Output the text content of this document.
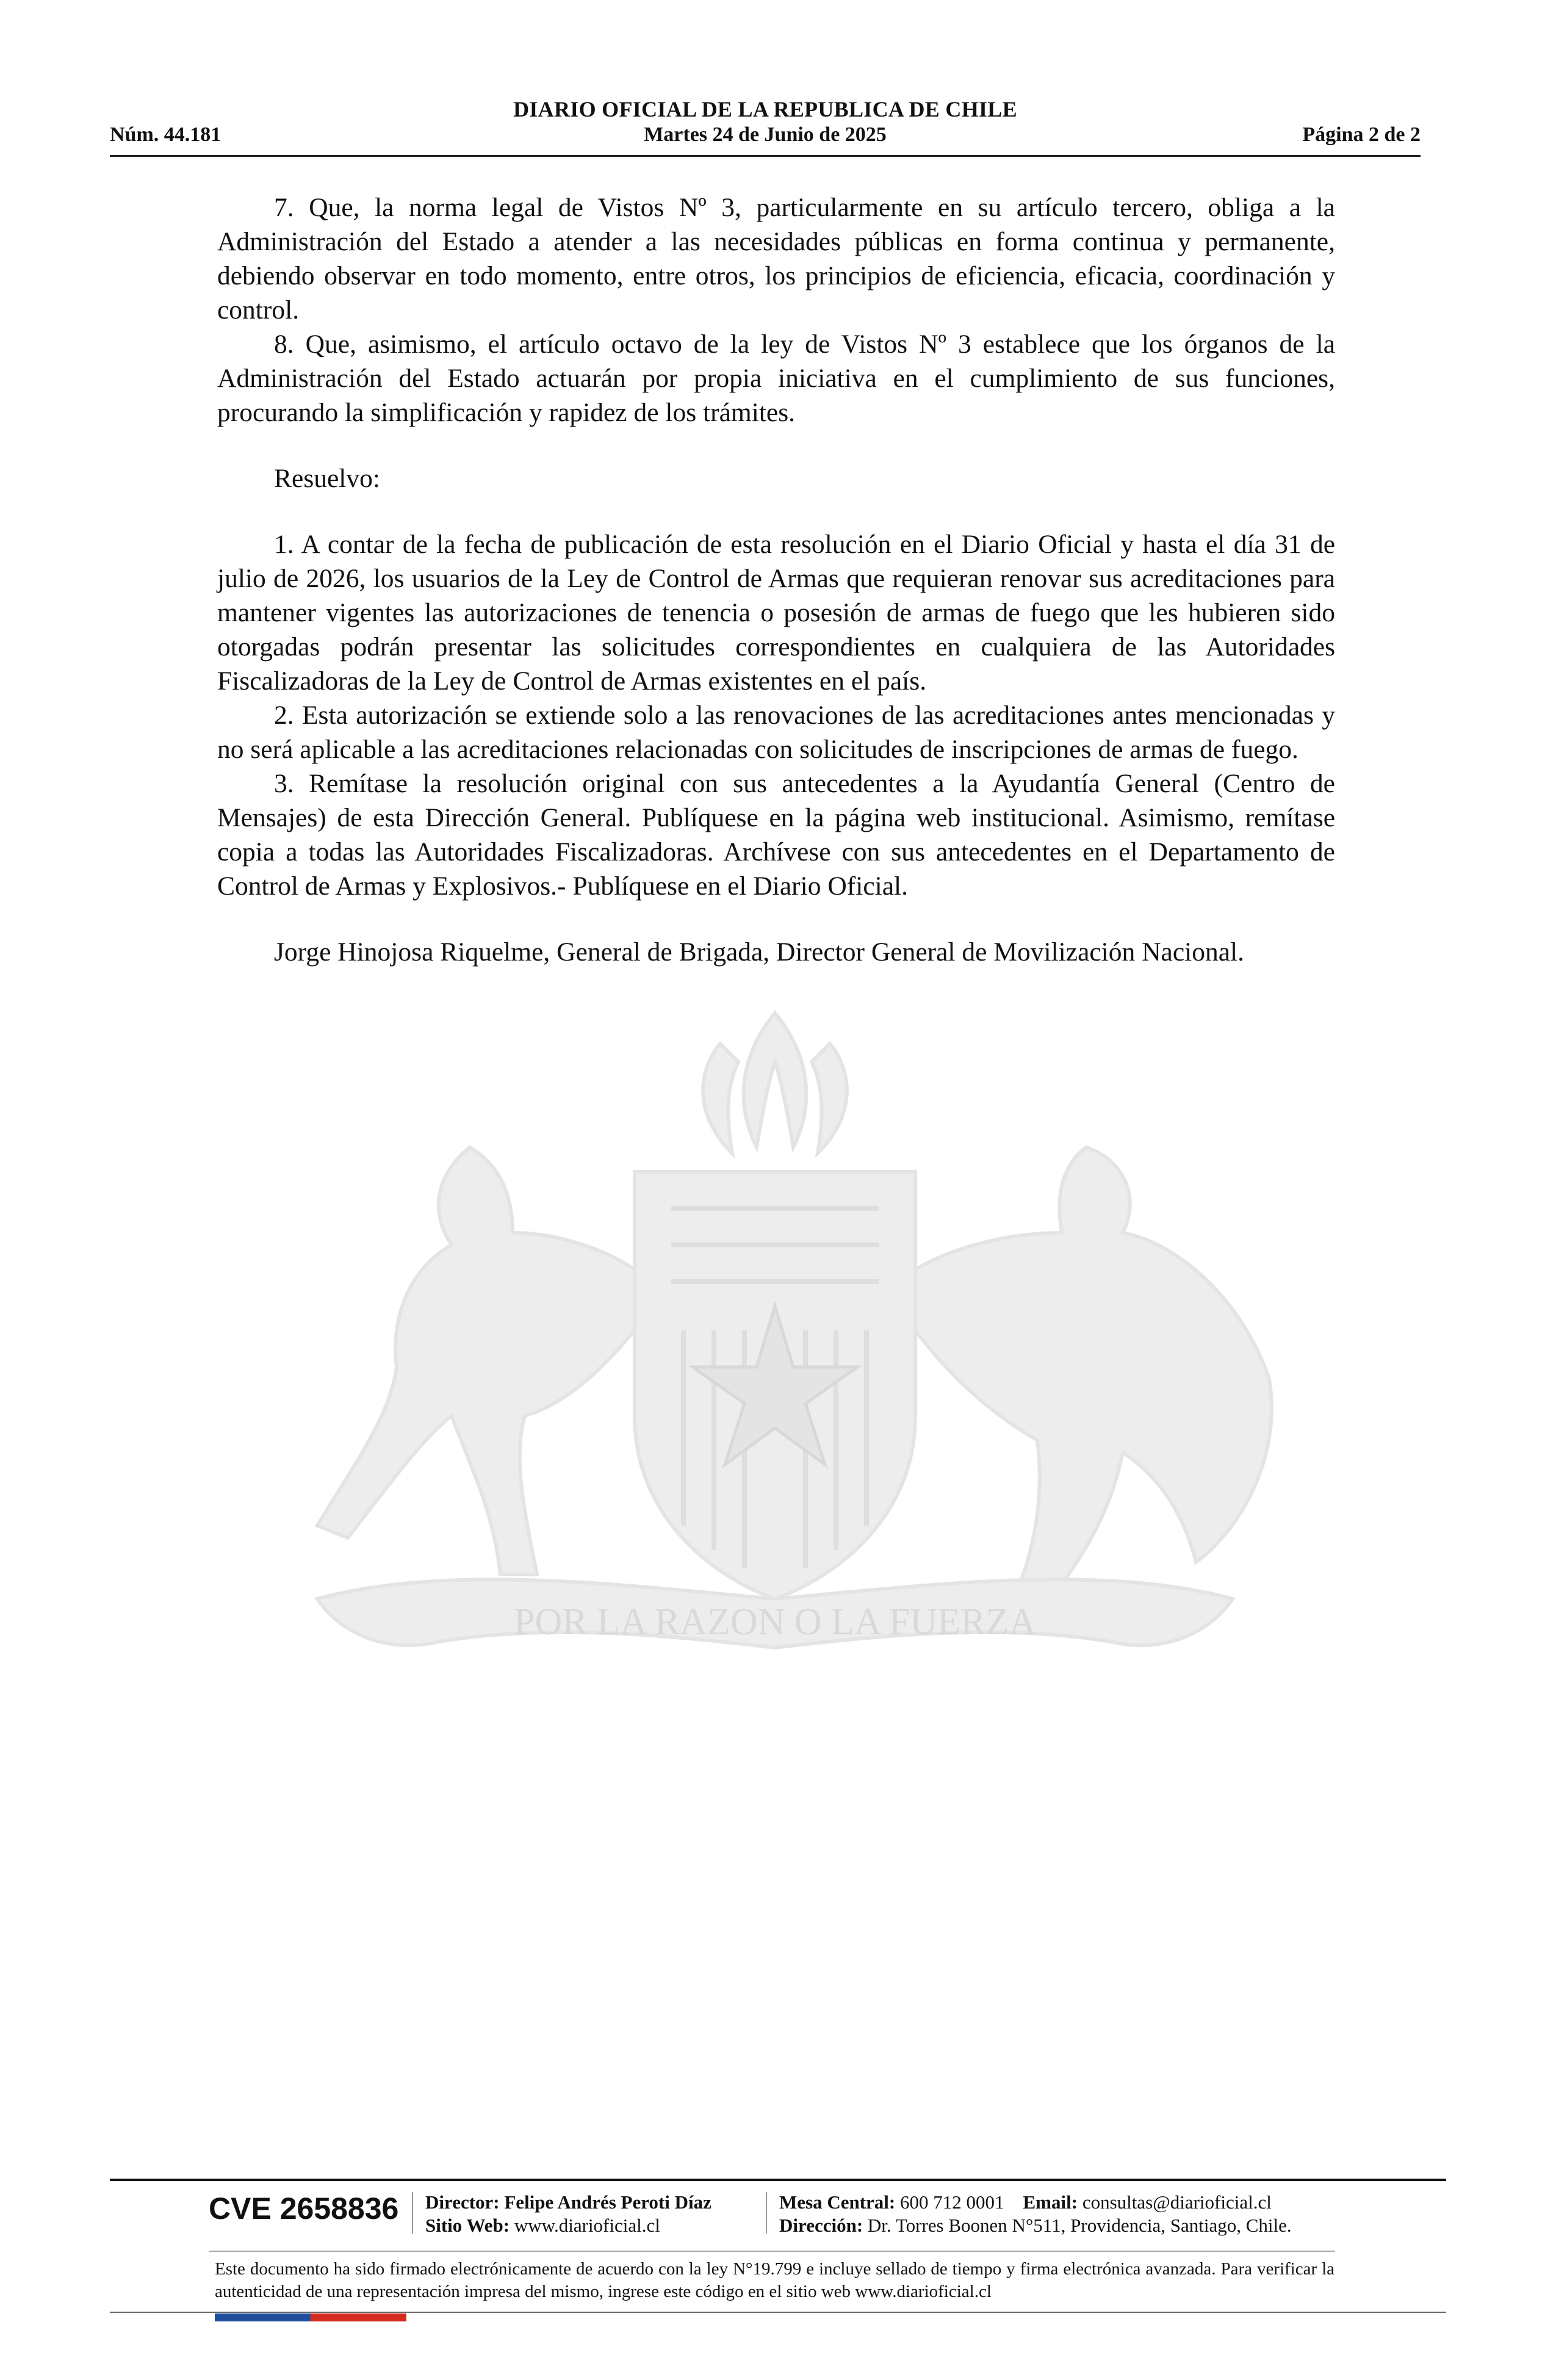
DIARIO OFICIAL DE LA REPUBLICA DE CHILE
Núm. 44.181	Martes 24 de Junio de 2025	Página 2 de 2
POR LA RAZON O LA FUERZA

7. Que, la norma legal de Vistos Nº 3, particularmente en su artículo tercero, obliga a la Administración del Estado a atender a las necesidades públicas en forma continua y permanente, debiendo observar en todo momento, entre otros, los principios de eficiencia, eficacia, coordinación y control.

8. Que, asimismo, el artículo octavo de la ley de Vistos Nº 3 establece que los órganos de la Administración del Estado actuarán por propia iniciativa en el cumplimiento de sus funciones, procurando la simplificación y rapidez de los trámites.

Resuelvo:

1. A contar de la fecha de publicación de esta resolución en el Diario Oficial y hasta el día 31 de julio de 2026, los usuarios de la Ley de Control de Armas que requieran renovar sus acreditaciones para mantener vigentes las autorizaciones de tenencia o posesión de armas de fuego que les hubieren sido otorgadas podrán presentar las solicitudes correspondientes en cualquiera de las Autoridades Fiscalizadoras de la Ley de Control de Armas existentes en el país.

2. Esta autorización se extiende solo a las renovaciones de las acreditaciones antes mencionadas y no será aplicable a las acreditaciones relacionadas con solicitudes de inscripciones de armas de fuego.

3. Remítase la resolución original con sus antecedentes a la Ayudantía General (Centro de Mensajes) de esta Dirección General. Publíquese en la página web institucional. Asimismo, remítase copia a todas las Autoridades Fiscalizadoras. Archívese con sus antecedentes en el Departamento de Control de Armas y Explosivos.- Publíquese en el Diario Oficial.

Jorge Hinojosa Riquelme, General de Brigada, Director General de Movilización Nacional.

CVE 2658836 Director: Felipe Andrés Peroti Díaz
Sitio Web: www.diarioficial.cl
Mesa Central: 600 712 0001 Email: consultas@diarioficial.cl
Dirección: Dr. Torres Boonen N°511, Providencia, Santiago, Chile.
Este documento ha sido firmado electrónicamente de acuerdo con la ley N°19.799 e incluye sellado de tiempo y firma electrónica avanzada. Para verificar la autenticidad de una representación impresa del mismo, ingrese este código en el sitio web www.diarioficial.cl
